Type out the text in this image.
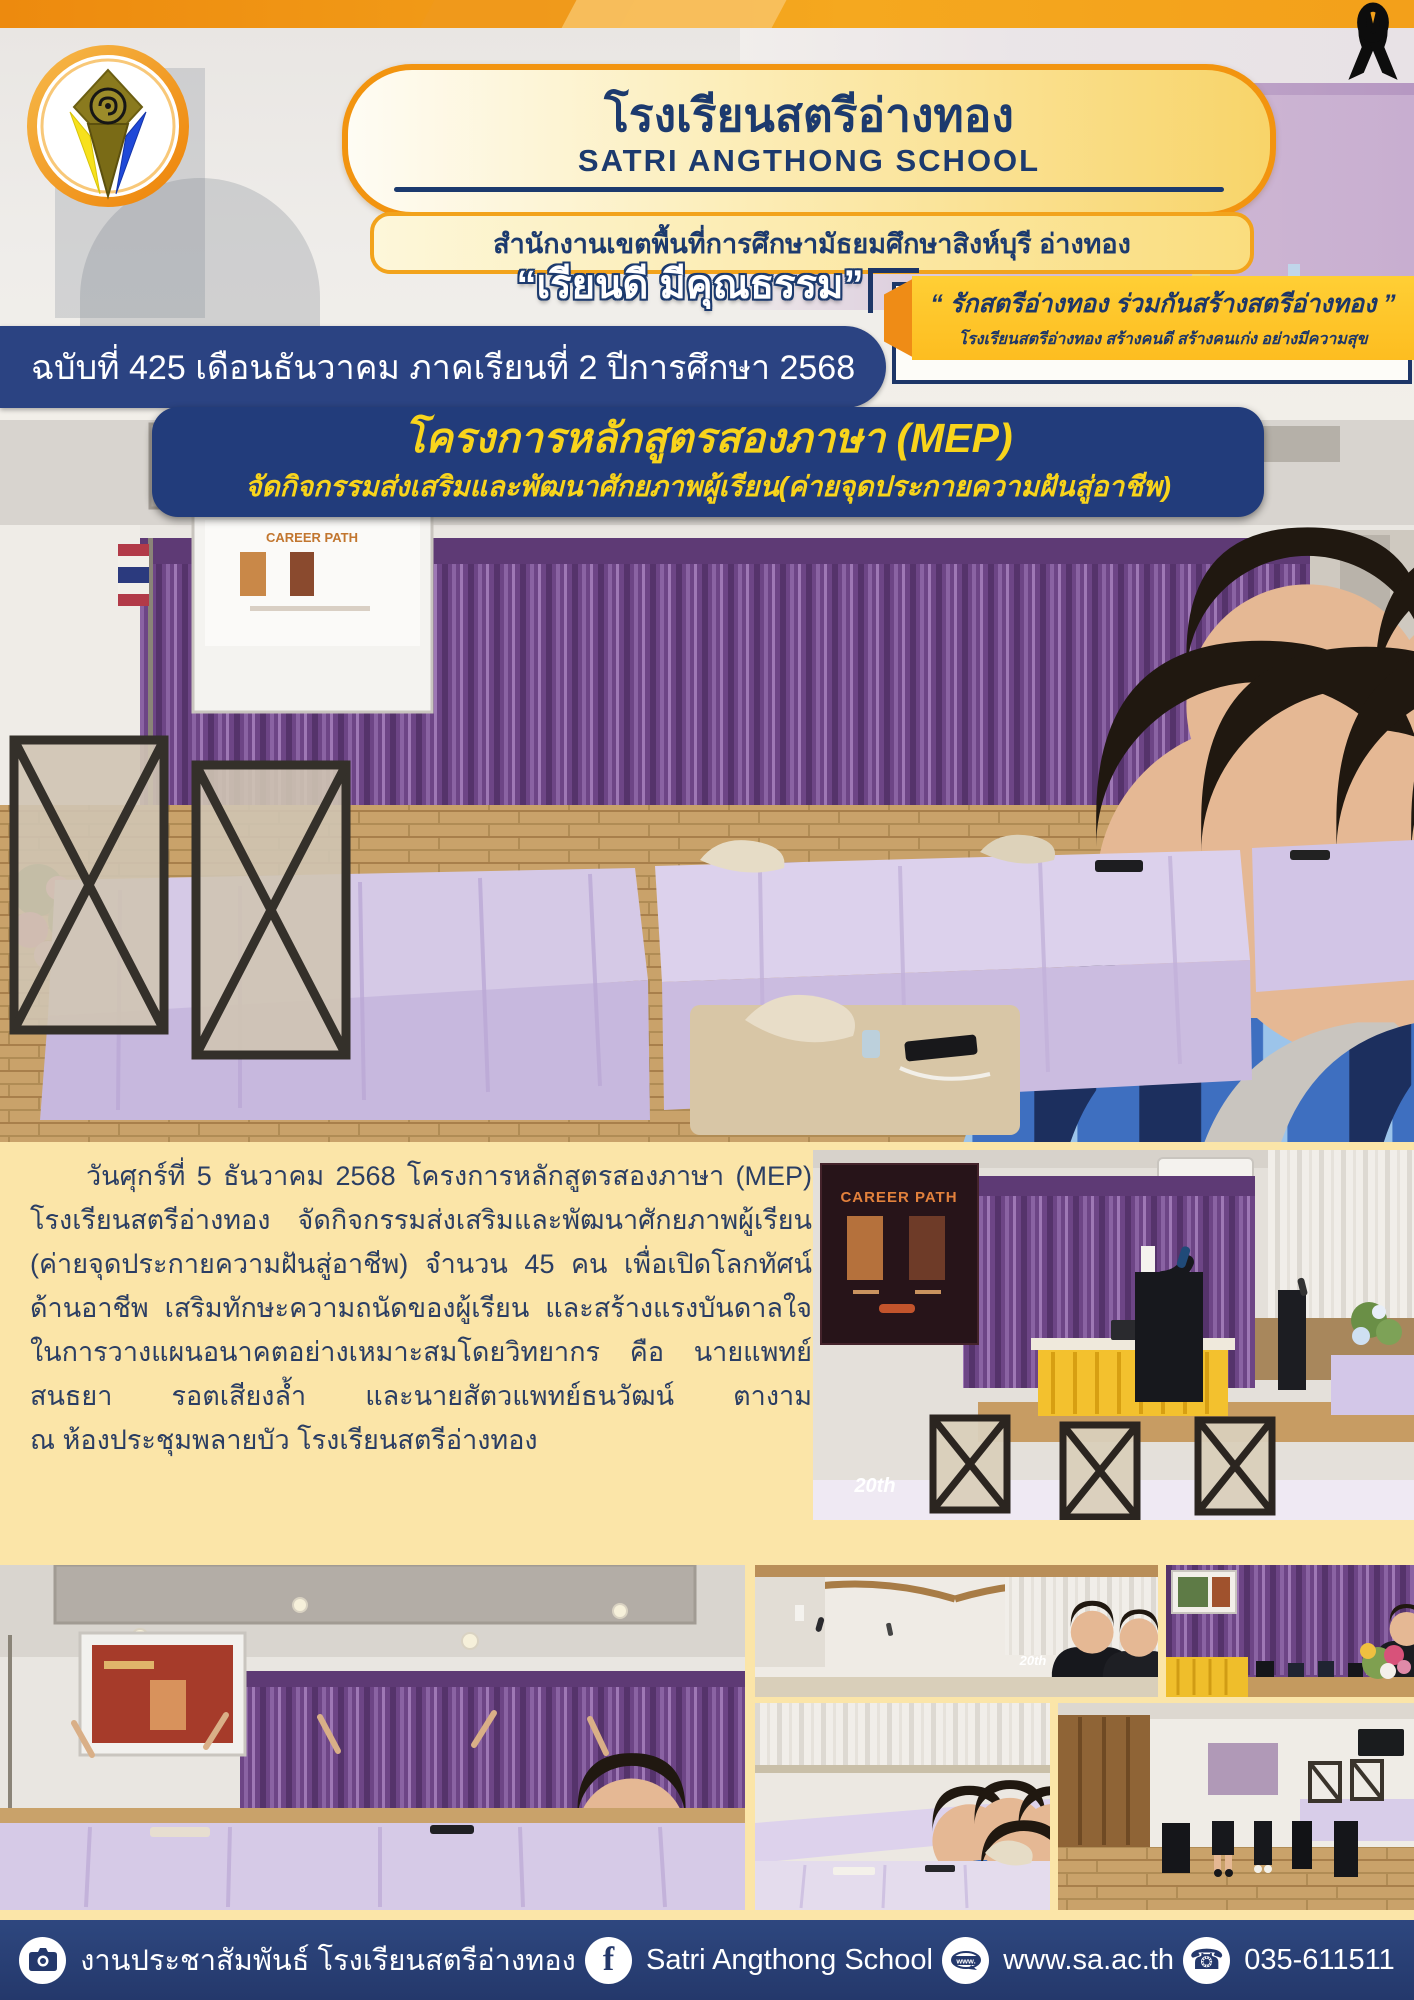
โรงเรียนสตรีอ่างทอง
SATRI ANGTHONG SCHOOL
สำนักงานเขตพื้นที่การศึกษามัธยมศึกษาสิงห์บุรี อ่างทอง
“เรียนดี มีคุณธรรม”	“ รักสตรีอ่างทอง ร่วมกันสร้างสตรีอ่างทอง ”
โรงเรียนสตรีอ่างทอง สร้างคนดี สร้างคนเก่ง อย่างมีความสุข
ฉบับที่ 425 เดือนธันวาคม ภาคเรียนที่ 2 ปีการศึกษา 2568
CAREER PATH
โครงการหลักสูตรสองภาษา (MEP)
จัดกิจกรรมส่งเสริมและพัฒนาศักยภาพผู้เรียน(ค่ายจุดประกายความฝันสู่อาชีพ)
วันศุกร์ที่ 5 ธันวาคม 2568 โครงการหลักสูตรสองภาษา (MEP)
โรงเรียนสตรีอ่างทอง จัดกิจกรรมส่งเสริมและพัฒนาศักยภาพผู้เรียน
(ค่ายจุดประกายความฝันสู่อาชีพ) จำนวน 45 คน เพื่อเปิดโลกทัศน์
ด้านอาชีพ เสริมทักษะความถนัดของผู้เรียน และสร้างแรงบันดาลใจ
ในการวางแผนอนาคตอย่างเหมาะสมโดยวิทยากร คือ นายแพทย์
สนธยา รอตเสียงล้ำ และนายสัตวแพทย์ธนวัฒน์ ตางาม
ณ ห้องประชุมพลายบัว โรงเรียนสตรีอ่างทอง
CAREER PATH
20th
20th
งานประชาสัมพันธ์ โรงเรียนสตรีอ่างทอง f Satri Angthong School	www. www.sa.ac.th ☎ 035-611511
